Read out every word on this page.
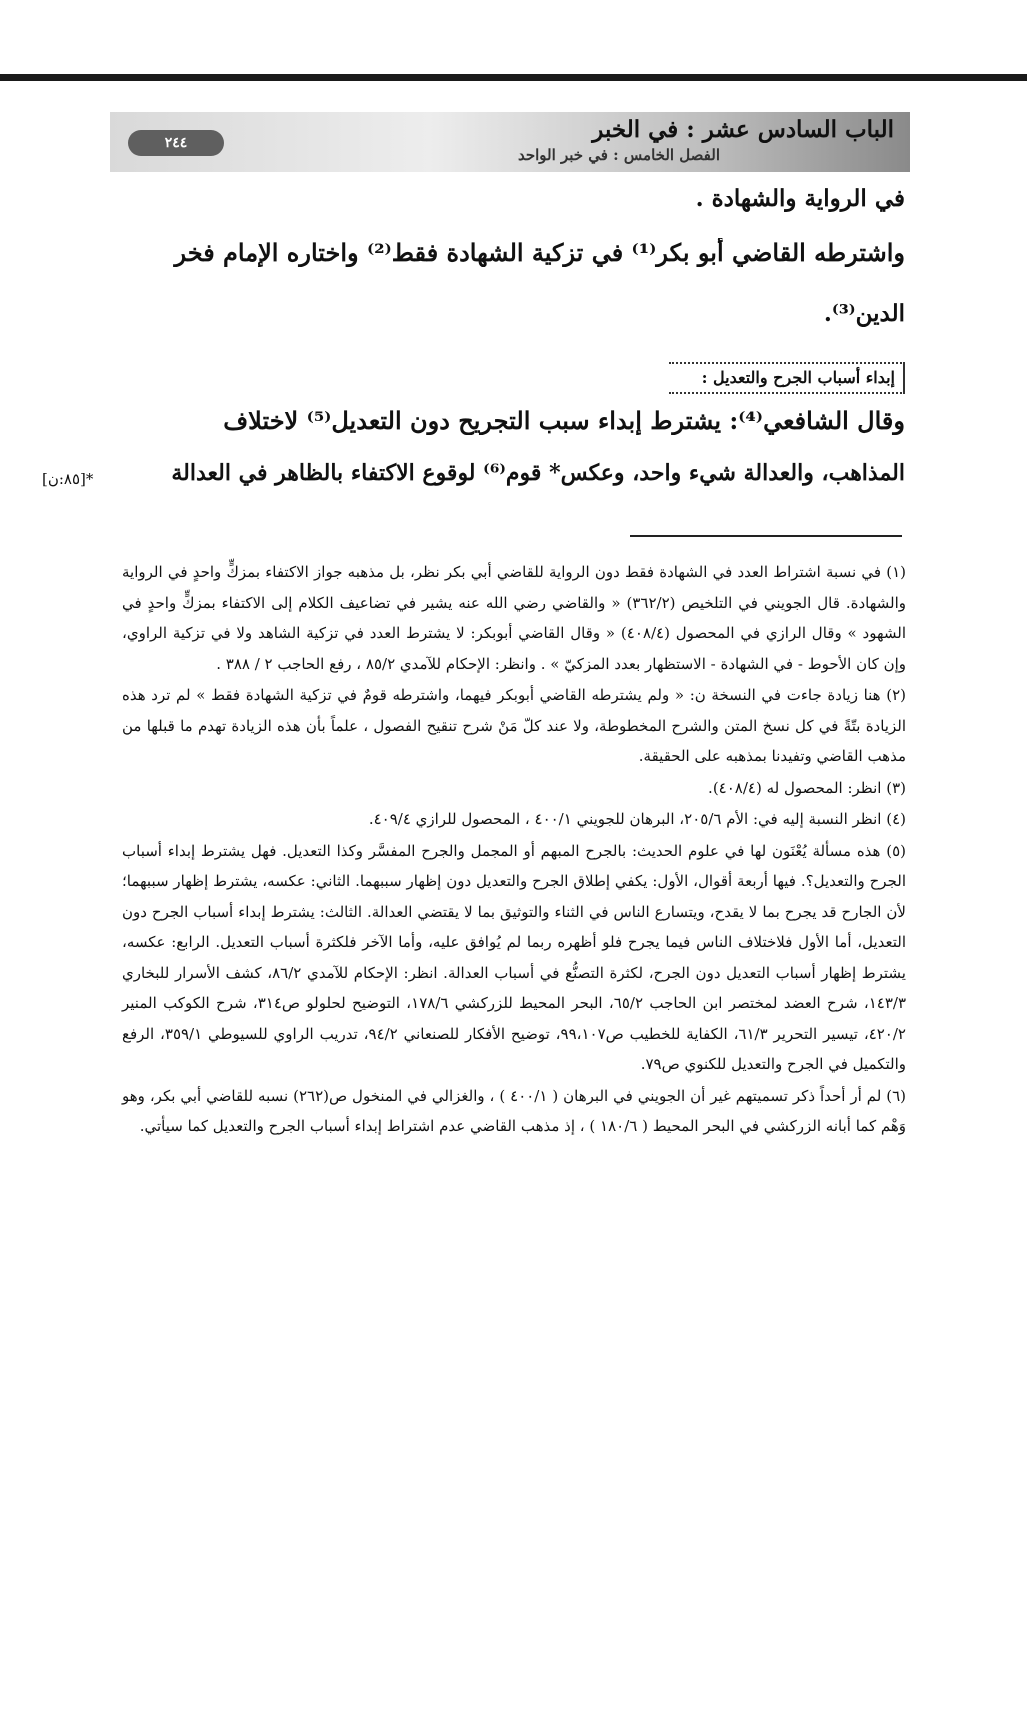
الباب السادس عشر : في الخبر
الفصل الخامس : في خبر الواحد
٢٤٤
في الرواية والشهادة .
واشترطه القاضي أبو بكر⁽¹⁾ في تزكية الشهادة فقط⁽²⁾ واختاره الإمام فخر
الدين⁽³⁾.
وقال الشافعي⁽⁴⁾: يشترط إبداء سبب التجريح دون التعديل⁽⁵⁾ لاختلاف
المذاهب، والعدالة شيء واحد، وعكس* قوم⁽⁶⁾ لوقوع الاكتفاء بالظاهر في العدالة
إبداء أسباب الجرح والتعديل :
*[٨٥:ن]
(١) في نسبة اشتراط العدد في الشهادة فقط دون الرواية للقاضي أبي بكر نظر، بل مذهبه جواز الاكتفاء بمزكٍّ واحدٍ في الرواية والشهادة. قال الجويني في التلخيص (٣٦٢/٢) « والقاضي رضي الله عنه يشير في تضاعيف الكلام إلى الاكتفاء بمزكٍّ واحدٍ في الشهود » وقال الرازي في المحصول (٤٠٨/٤) « وقال القاضي أبوبكر: لا يشترط العدد في تزكية الشاهد ولا في تزكية الراوي، وإن كان الأحوط - في الشهادة - الاستظهار بعدد المزكيّ » . وانظر: الإحكام للآمدي ٨٥/٢ ، رفع الحاجب ٢ / ٣٨٨ .
(٢) هنا زيادة جاءت في النسخة ن: « ولم يشترطه القاضي أبوبكر فيهما، واشترطه قومٌ في تزكية الشهادة فقط » لم ترد هذه الزيادة بتّةً في كل نسخ المتن والشرح المخطوطة، ولا عند كلّ مَنْ شرح تنقيح الفصول ، علماً بأن هذه الزيادة تهدم ما قبلها من مذهب القاضي وتفيدنا بمذهبه على الحقيقة.
(٣) انظر: المحصول له (٤٠٨/٤).
(٤) انظر النسبة إليه في: الأم ٢٠٥/٦، البرهان للجويني ٤٠٠/١ ، المحصول للرازي ٤٠٩/٤.
(٥) هذه مسألة يُعْنَون لها في علوم الحديث: بالجرح المبهم أو المجمل والجرح المفسَّر وكذا التعديل. فهل يشترط إبداء أسباب الجرح والتعديل؟. فيها أربعة أقوال، الأول: يكفي إطلاق الجرح والتعديل دون إظهار سببهما. الثاني: عكسه، يشترط إظهار سببهما؛ لأن الجارح قد يجرح بما لا يقدح، ويتسارع الناس في الثناء والتوثيق بما لا يقتضي العدالة. الثالث: يشترط إبداء أسباب الجرح دون التعديل، أما الأول فلاختلاف الناس فيما يجرح فلو أظهره ربما لم يُوافق عليه، وأما الآخر فلكثرة أسباب التعديل. الرابع: عكسه، يشترط إظهار أسباب التعديل دون الجرح، لكثرة التصنُّع في أسباب العدالة. انظر: الإحكام للآمدي ٨٦/٢، كشف الأسرار للبخاري ١٤٣/٣، شرح العضد لمختصر ابن الحاجب ٦٥/٢، البحر المحيط للزركشي ١٧٨/٦، التوضيح لحلولو ص٣١٤، شرح الكوكب المنير ٤٢٠/٢، تيسير التحرير ٦١/٣، الكفاية للخطيب ص٩٩،١٠٧، توضيح الأفكار للصنعاني ٩٤/٢، تدريب الراوي للسيوطي ٣٥٩/١، الرفع والتكميل في الجرح والتعديل للكنوي ص٧٩.
(٦) لم أر أحداً ذكر تسميتهم غير أن الجويني في البرهان ( ٤٠٠/١ ) ، والغزالي في المنخول ص(٢٦٢) نسبه للقاضي أبي بكر، وهو وَهْم كما أبانه الزركشي في البحر المحيط ( ١٨٠/٦ ) ، إذ مذهب القاضي عدم اشتراط إبداء أسباب الجرح والتعديل كما سيأتي.
